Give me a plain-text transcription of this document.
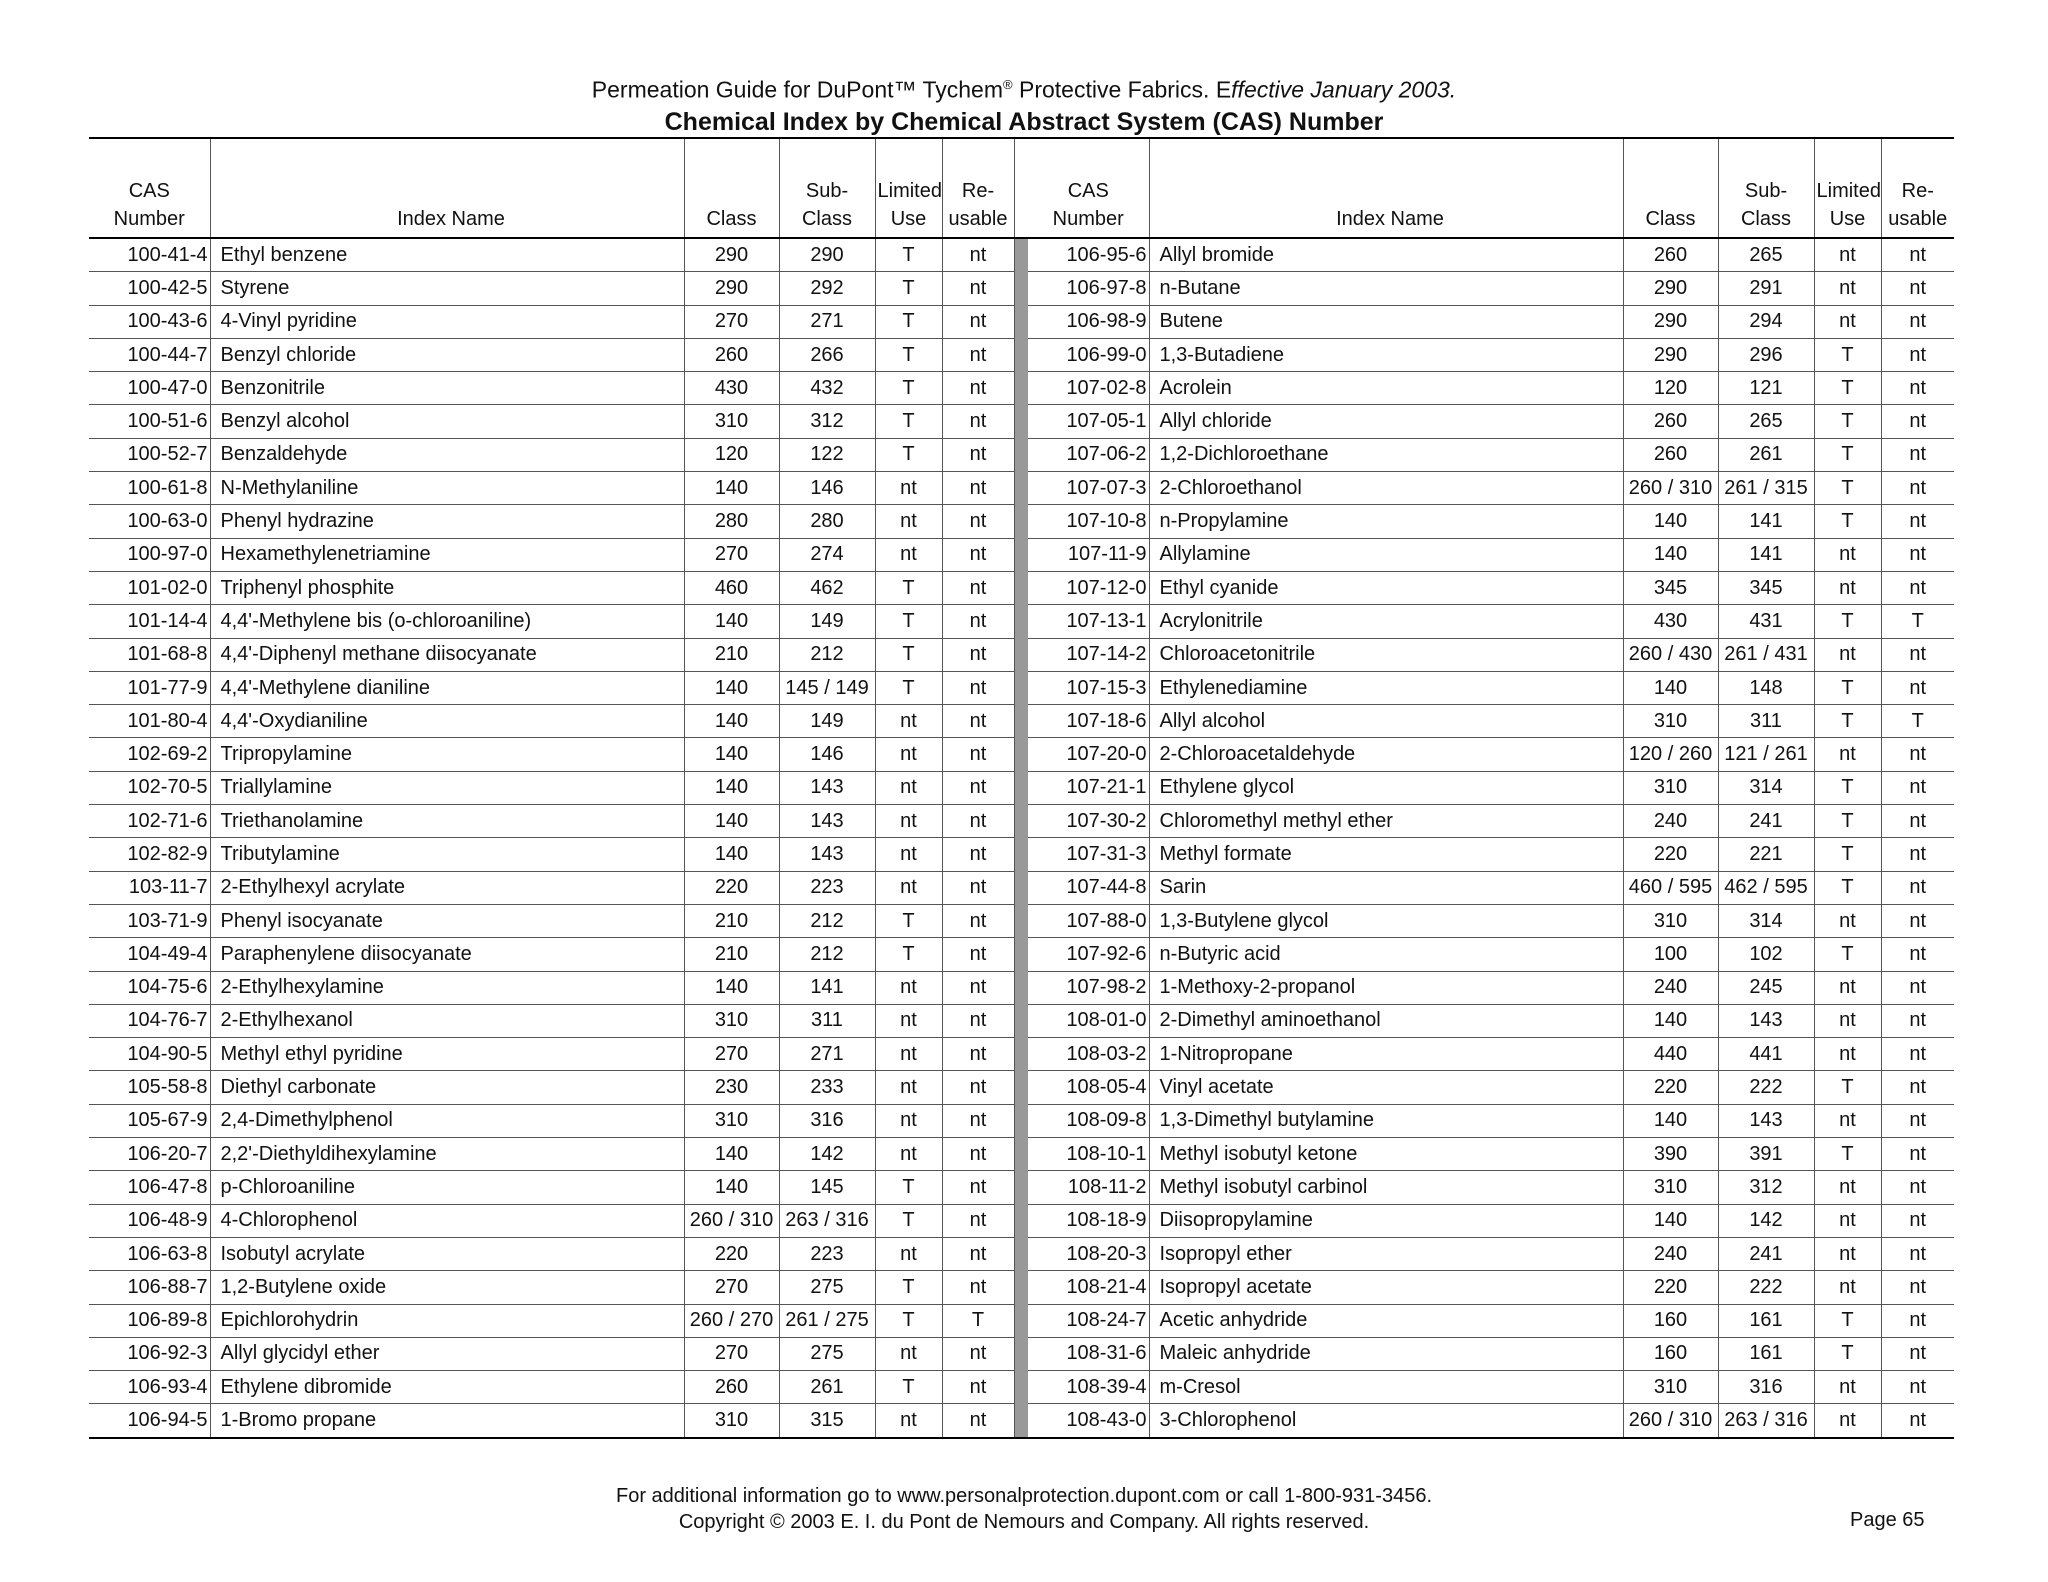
Permeation Guide for DuPont™ Tychem® Protective Fabrics. Effective January 2003.
Chemical Index by Chemical Abstract System (CAS) Number
CAS Number	Index Name	Class	Sub-Class	Limited Use	Re-usable		CAS Number	Index Name	Class	Sub-Class	Limited Use	Re-usable
100-41-4	Ethyl benzene	290	290	T	nt		106-95-6	Allyl bromide	260	265	nt	nt
100-42-5	Styrene	290	292	T	nt		106-97-8	n-Butane	290	291	nt	nt
100-43-6	4-Vinyl pyridine	270	271	T	nt		106-98-9	Butene	290	294	nt	nt
100-44-7	Benzyl chloride	260	266	T	nt		106-99-0	1,3-Butadiene	290	296	T	nt
100-47-0	Benzonitrile	430	432	T	nt		107-02-8	Acrolein	120	121	T	nt
100-51-6	Benzyl alcohol	310	312	T	nt		107-05-1	Allyl chloride	260	265	T	nt
100-52-7	Benzaldehyde	120	122	T	nt		107-06-2	1,2-Dichloroethane	260	261	T	nt
100-61-8	N-Methylaniline	140	146	nt	nt		107-07-3	2-Chloroethanol	260 / 310	261 / 315	T	nt
100-63-0	Phenyl hydrazine	280	280	nt	nt		107-10-8	n-Propylamine	140	141	T	nt
100-97-0	Hexamethylenetriamine	270	274	nt	nt		107-11-9	Allylamine	140	141	nt	nt
101-02-0	Triphenyl phosphite	460	462	T	nt		107-12-0	Ethyl cyanide	345	345	nt	nt
101-14-4	4,4'-Methylene bis (o-chloroaniline)	140	149	T	nt		107-13-1	Acrylonitrile	430	431	T	T
101-68-8	4,4'-Diphenyl methane diisocyanate	210	212	T	nt		107-14-2	Chloroacetonitrile	260 / 430	261 / 431	nt	nt
101-77-9	4,4'-Methylene dianiline	140	145 / 149	T	nt		107-15-3	Ethylenediamine	140	148	T	nt
101-80-4	4,4'-Oxydianiline	140	149	nt	nt		107-18-6	Allyl alcohol	310	311	T	T
102-69-2	Tripropylamine	140	146	nt	nt		107-20-0	2-Chloroacetaldehyde	120 / 260	121 / 261	nt	nt
102-70-5	Triallylamine	140	143	nt	nt		107-21-1	Ethylene glycol	310	314	T	nt
102-71-6	Triethanolamine	140	143	nt	nt		107-30-2	Chloromethyl methyl ether	240	241	T	nt
102-82-9	Tributylamine	140	143	nt	nt		107-31-3	Methyl formate	220	221	T	nt
103-11-7	2-Ethylhexyl acrylate	220	223	nt	nt		107-44-8	Sarin	460 / 595	462 / 595	T	nt
103-71-9	Phenyl isocyanate	210	212	T	nt		107-88-0	1,3-Butylene glycol	310	314	nt	nt
104-49-4	Paraphenylene diisocyanate	210	212	T	nt		107-92-6	n-Butyric acid	100	102	T	nt
104-75-6	2-Ethylhexylamine	140	141	nt	nt		107-98-2	1-Methoxy-2-propanol	240	245	nt	nt
104-76-7	2-Ethylhexanol	310	311	nt	nt		108-01-0	2-Dimethyl aminoethanol	140	143	nt	nt
104-90-5	Methyl ethyl pyridine	270	271	nt	nt		108-03-2	1-Nitropropane	440	441	nt	nt
105-58-8	Diethyl carbonate	230	233	nt	nt		108-05-4	Vinyl acetate	220	222	T	nt
105-67-9	2,4-Dimethylphenol	310	316	nt	nt		108-09-8	1,3-Dimethyl butylamine	140	143	nt	nt
106-20-7	2,2'-Diethyldihexylamine	140	142	nt	nt		108-10-1	Methyl isobutyl ketone	390	391	T	nt
106-47-8	p-Chloroaniline	140	145	T	nt		108-11-2	Methyl isobutyl carbinol	310	312	nt	nt
106-48-9	4-Chlorophenol	260 / 310	263 / 316	T	nt		108-18-9	Diisopropylamine	140	142	nt	nt
106-63-8	Isobutyl acrylate	220	223	nt	nt		108-20-3	Isopropyl ether	240	241	nt	nt
106-88-7	1,2-Butylene oxide	270	275	T	nt		108-21-4	Isopropyl acetate	220	222	nt	nt
106-89-8	Epichlorohydrin	260 / 270	261 / 275	T	T		108-24-7	Acetic anhydride	160	161	T	nt
106-92-3	Allyl glycidyl ether	270	275	nt	nt		108-31-6	Maleic anhydride	160	161	T	nt
106-93-4	Ethylene dibromide	260	261	T	nt		108-39-4	m-Cresol	310	316	nt	nt
106-94-5	1-Bromo propane	310	315	nt	nt		108-43-0	3-Chlorophenol	260 / 310	263 / 316	nt	nt
For additional information go to www.personalprotection.dupont.com or call 1-800-931-3456.
Copyright © 2003 E. I. du Pont de Nemours and Company. All rights reserved.	Page 65
